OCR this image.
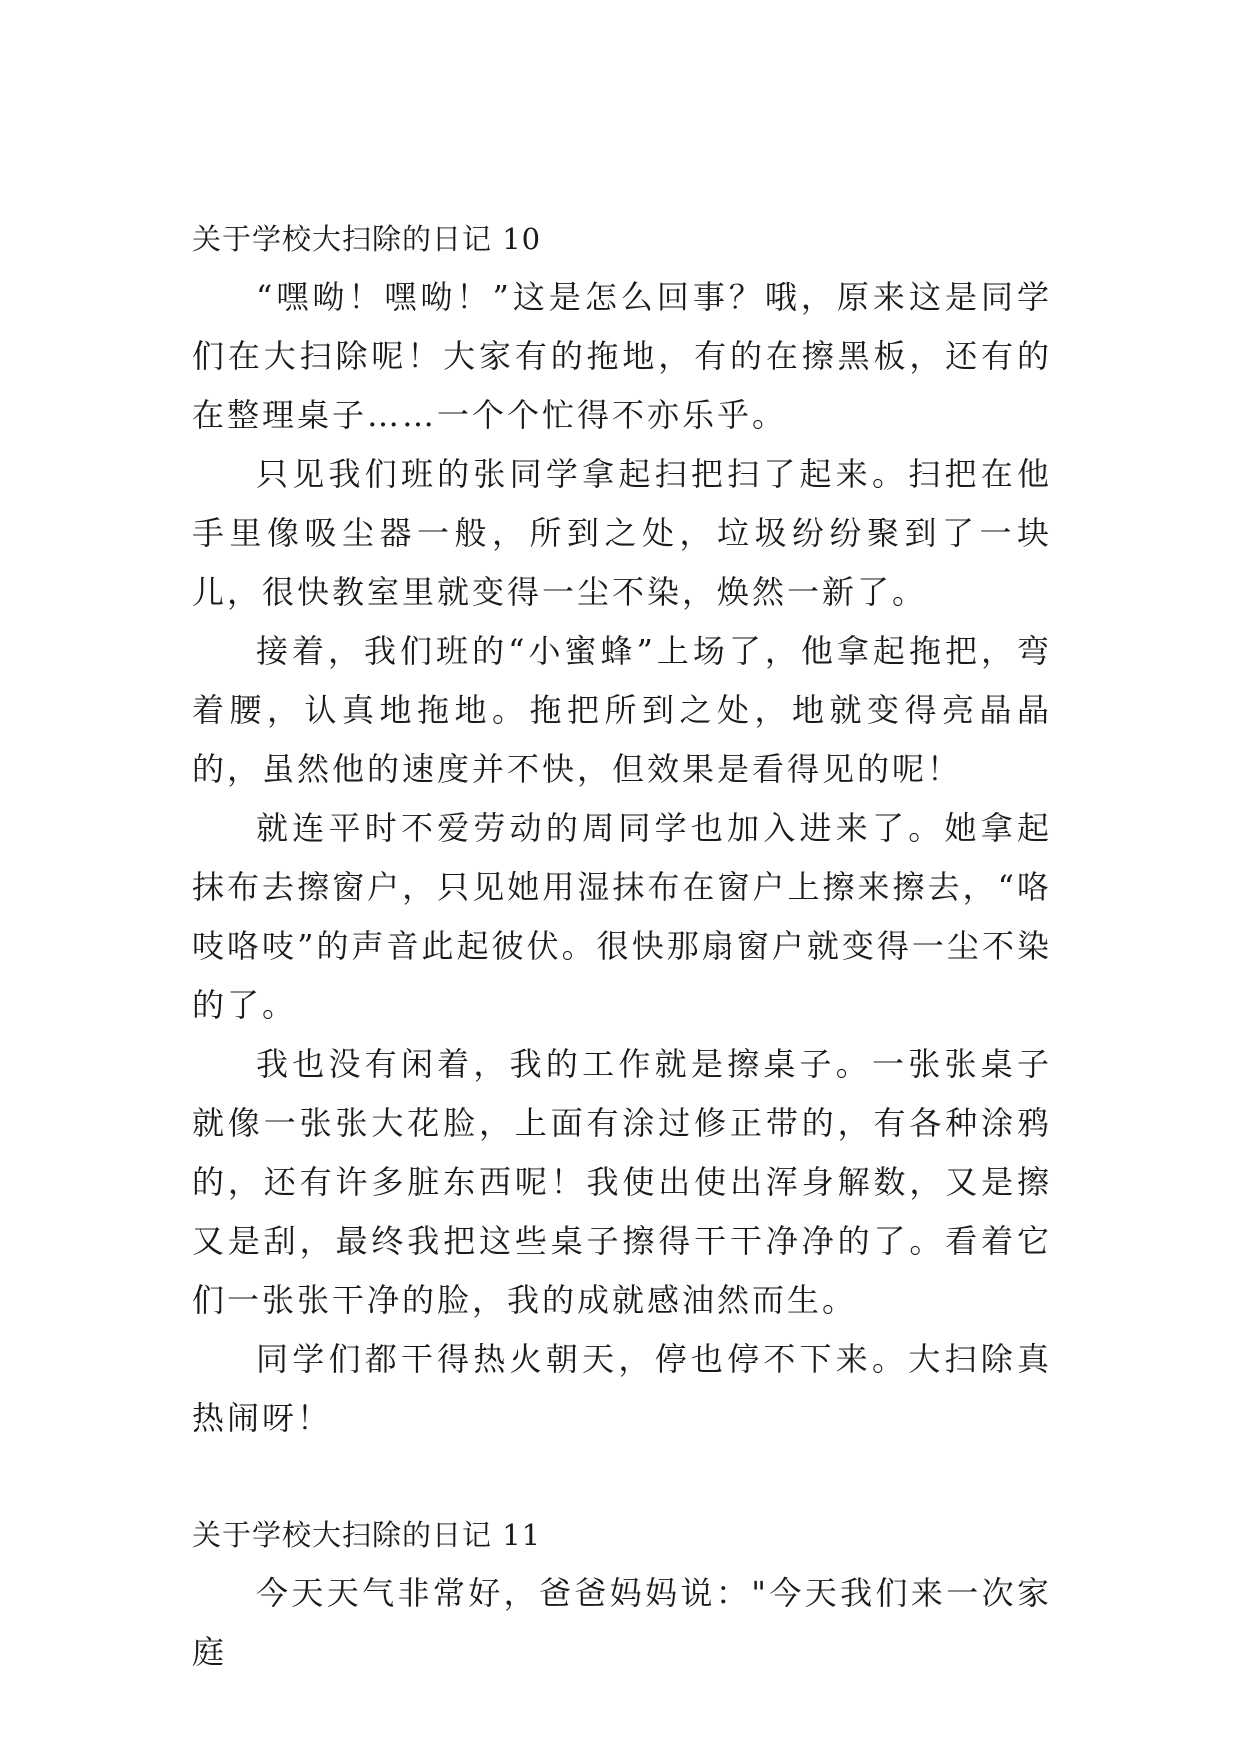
关于学校大扫除的日记 10

“嘿呦！嘿呦！”这是怎么回事？哦，原来这是同学们在大扫除呢！大家有的拖地，有的在擦黑板，还有的在整理桌子……一个个忙得不亦乐乎。

只见我们班的张同学拿起扫把扫了起来。扫把在他手里像吸尘器一般，所到之处，垃圾纷纷聚到了一块儿，很快教室里就变得一尘不染，焕然一新了。

接着，我们班的“小蜜蜂”上场了，他拿起拖把，弯着腰，认真地拖地。拖把所到之处，地就变得亮晶晶的，虽然他的速度并不快，但效果是看得见的呢！

就连平时不爱劳动的周同学也加入进来了。她拿起抹布去擦窗户，只见她用湿抹布在窗户上擦来擦去，“咯吱咯吱”的声音此起彼伏。很快那扇窗户就变得一尘不染的了。

我也没有闲着，我的工作就是擦桌子。一张张桌子就像一张张大花脸，上面有涂过修正带的，有各种涂鸦的，还有许多脏东西呢！我使出使出浑身解数，又是擦又是刮，最终我把这些桌子擦得干干净净的了。看着它们一张张干净的脸，我的成就感油然而生。

同学们都干得热火朝天，停也停不下来。大扫除真热闹呀！

关于学校大扫除的日记 11

今天天气非常好，爸爸妈妈说："今天我们来一次家庭
